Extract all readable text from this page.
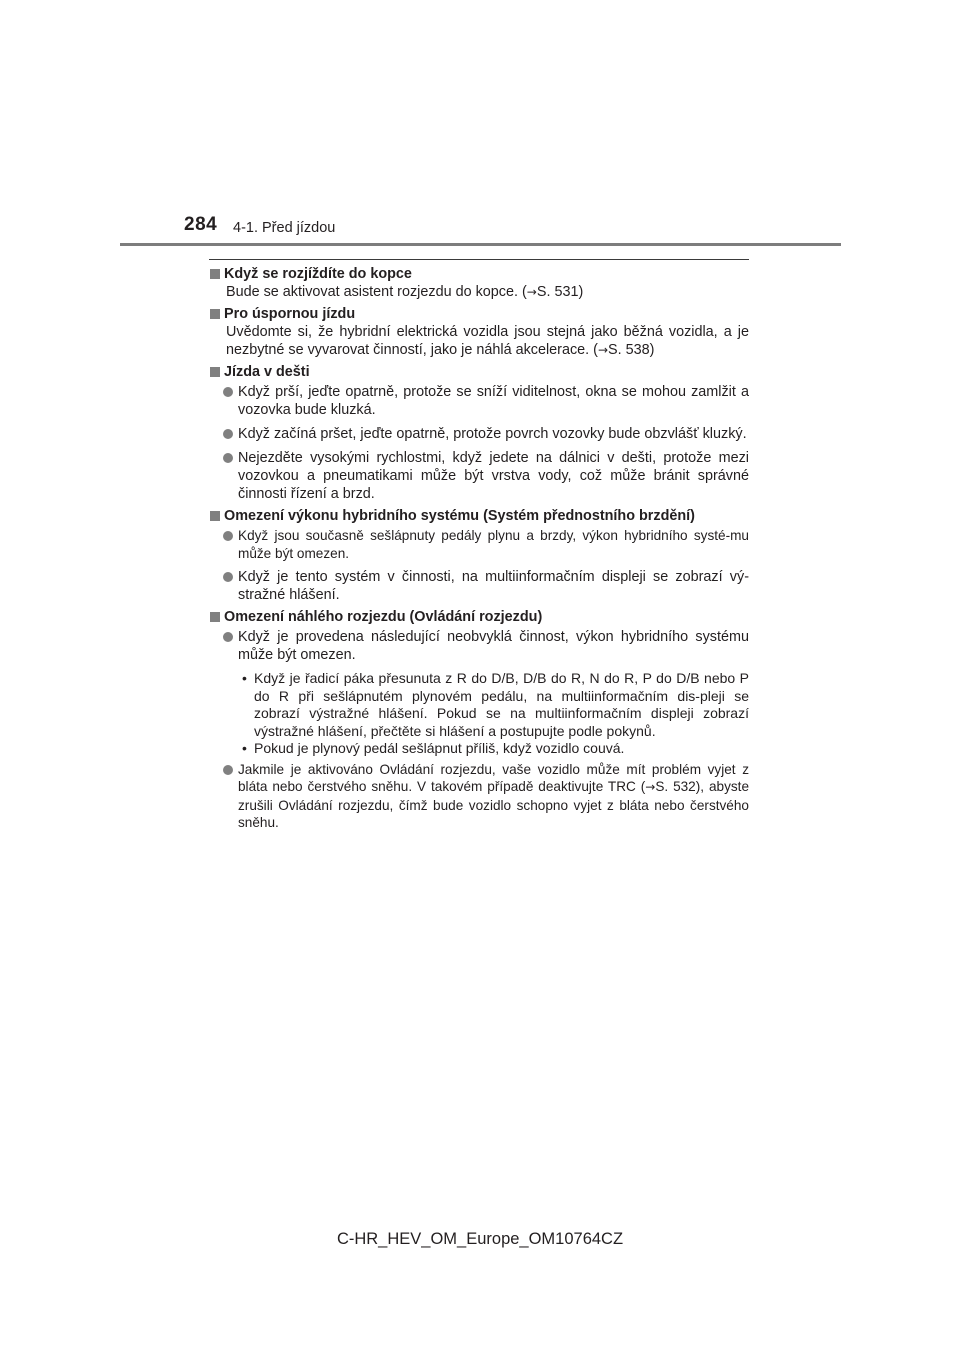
284 4-1. Před jízdou
Když se rozjíždíte do kopce
Bude se aktivovat asistent rozjezdu do kopce. (→S. 531)
Pro úspornou jízdu
Uvědomte si, že hybridní elektrická vozidla jsou stejná jako běžná vozidla, a je nezbytné se vyvarovat činností, jako je náhlá akcelerace. (→S. 538)
Jízda v dešti
Když prší, jeďte opatrně, protože se sníží viditelnost, okna se mohou zamlžit a vozovka bude kluzká.
Když začíná pršet, jeďte opatrně, protože povrch vozovky bude obzvlášť kluzký.
Nejezděte vysokými rychlostmi, když jedete na dálnici v dešti, protože mezi vozovkou a pneumatikami může být vrstva vody, což může bránit správné činnosti řízení a brzd.
Omezení výkonu hybridního systému (Systém přednostního brzdění)
Když jsou současně sešlápnuty pedály plynu a brzdy, výkon hybridního systé-mu může být omezen.
Když je tento systém v činnosti, na multiinformačním displeji se zobrazí vý-stražné hlášení.
Omezení náhlého rozjezdu (Ovládání rozjezdu)
Když je provedena následující neobvyklá činnost, výkon hybridního systému může být omezen.
• Když je řadicí páka přesunuta z R do D/B, D/B do R, N do R, P do D/B nebo P do R při sešlápnutém plynovém pedálu, na multiinformačním dis-pleji se zobrazí výstražné hlášení. Pokud se na multiinformačním displeji zobrazí výstražné hlášení, přečtěte si hlášení a postupujte podle pokynů.
• Pokud je plynový pedál sešlápnut příliš, když vozidlo couvá.
Jakmile je aktivováno Ovládání rozjezdu, vaše vozidlo může mít problém vyjet z bláta nebo čerstvého sněhu. V takovém případě deaktivujte TRC (→S. 532), abyste zrušili Ovládání rozjezdu, čímž bude vozidlo schopno vyjet z bláta nebo čerstvého sněhu.
C-HR_HEV_OM_Europe_OM10764CZ
